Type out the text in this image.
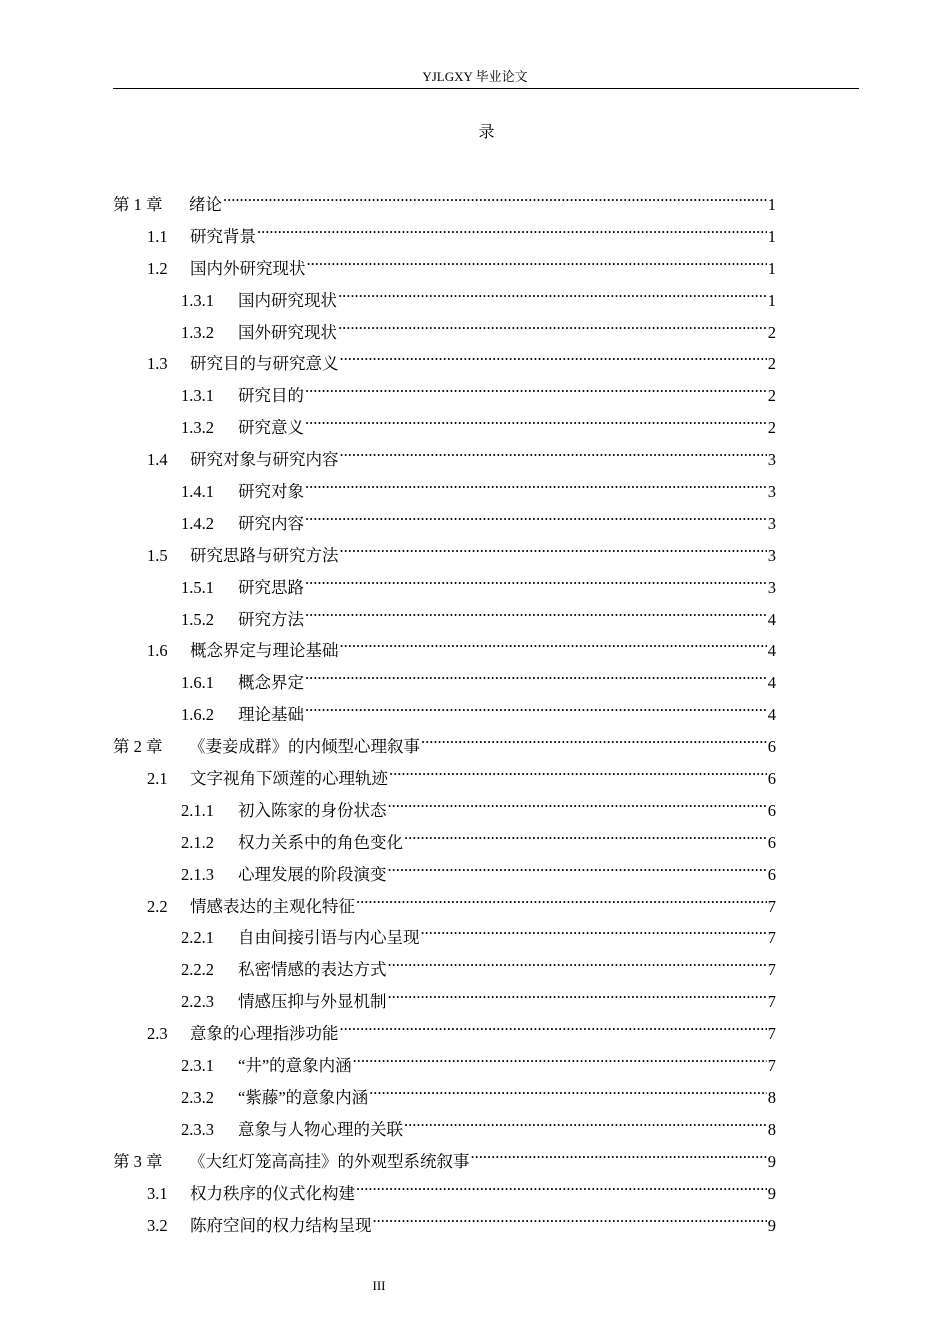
YJLGXY 毕业论文
录
第 1 章	绪论 .....	1
1.1	研究背景 .....	1
1.2	国内外研究现状 .....	1
1.3.1	国内研究现状 .....	1
1.3.2	国外研究现状 .....	2
1.3	研究目的与研究意义 .....	2
1.3.1	研究目的 .....	2
1.3.2	研究意义 .....	2
1.4	研究对象与研究内容 .....	3
1.4.1	研究对象 .....	3
1.4.2	研究内容 .....	3
1.5	研究思路与研究方法 .....	3
1.5.1	研究思路 .....	3
1.5.2	研究方法 .....	4
1.6	概念界定与理论基础 .....	4
1.6.1	概念界定 .....	4
1.6.2	理论基础 .....	4
第 2 章	《妻妾成群》的内倾型心理叙事 .....	6
2.1	文字视角下颂莲的心理轨迹 .....	6
2.1.1	初入陈家的身份状态 .....	6
2.1.2	权力关系中的角色变化 .....	6
2.1.3	心理发展的阶段演变 .....	6
2.2	情感表达的主观化特征 .....	7
2.2.1	自由间接引语与内心呈现 .....	7
2.2.2	私密情感的表达方式 .....	7
2.2.3	情感压抑与外显机制 .....	7
2.3	意象的心理指涉功能 .....	7
2.3.1	“井”的意象内涵 .....	7
2.3.2	“紫藤”的意象内涵 .....	8
2.3.3	意象与人物心理的关联 .....	8
第 3 章	《大红灯笼高高挂》的外观型系统叙事 .....	9
3.1	权力秩序的仪式化构建 .....	9
3.2	陈府空间的权力结构呈现 .....	9
III
